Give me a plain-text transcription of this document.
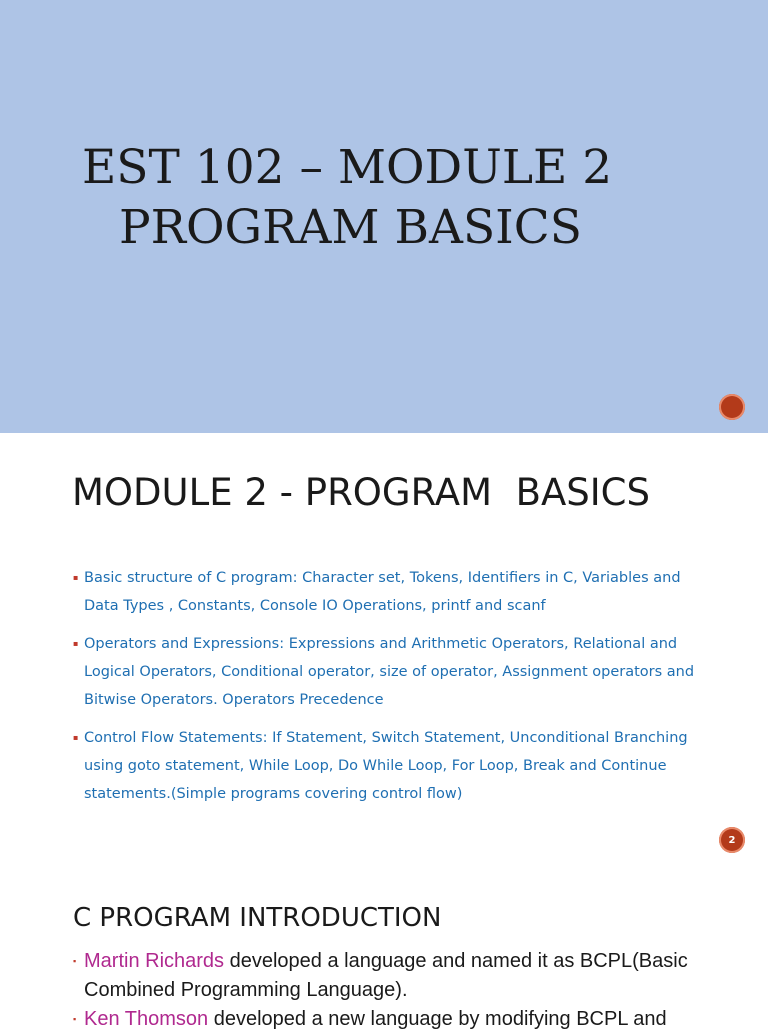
EST 102 – MODULE 2
PROGRAM BASICS
MODULE 2 - PROGRAM  BASICS
▪ Basic structure of C program: Character set, Tokens, Identifiers in C, Variables and
Data Types , Constants, Console IO Operations, printf and scanf
▪ Operators and Expressions: Expressions and Arithmetic Operators, Relational and
Logical Operators, Conditional operator, size of operator, Assignment operators and
Bitwise Operators. Operators Precedence
▪ Control Flow Statements: If Statement, Switch Statement, Unconditional Branching
using goto statement, While Loop, Do While Loop, For Loop, Break and Continue
statements.(Simple programs covering control flow)
2
C PROGRAM INTRODUCTION
▪ Martin Richards developed a language and named it as BCPL(Basic Combined Programming Language).
▪ Ken Thomson developed a new language by modifying BCPL and
